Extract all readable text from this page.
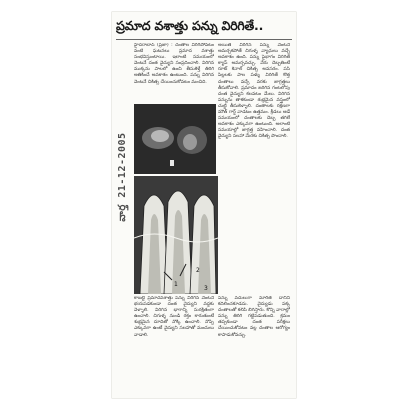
ప్రమాద వశాత్తు పన్ను విరిగితే..
వార్త 21-12-2005
హైదరాబాద్ (ప్రజా) : దంతాల విరిగిపోవటం వంటి ఘటనలు ప్రమాద వశాత్తు సంభవిస్తుంటాయి. ఇలాంటి సమయంలో వెంటనే దంత వైద్యుని సంప్రదించాలి. విరిగిన ముక్కను పాలలో ఉంచి తీసుకెళ్తే తిరిగి అతికించే అవకాశం ఉంటుంది. పన్ను విరిగిన వెంటనే చికిత్స చేయించుకోవటం మంచిది.
అయితే విరిగిన పన్ను వెంటనే అమర్చకపోతే చిగుళ్ళ వ్యాధులు వచ్చే అవకాశం ఉంది. పన్ను పైభాగం విరిగితే క్యాప్ అమర్చవచ్చు. వేరు దెబ్బతింటే రూట్ కెనాల్ చికిత్స అవసరం. పసి పిల్లలకు పాల పళ్ళు విరిగితే కొత్త దంతాలు వచ్చే వరకు జాగ్రత్తలు తీసుకోవాలి. ప్రమాదం జరిగిన గంటలోపు దంత వైద్యుని కలవటం మేలు. విరిగిన పన్నును తాకకుండా శుభ్రమైన వస్త్రంలో చుట్టి తీసుకెళ్ళాలి. దంతాలకు రక్షణగా మౌత్ గార్డ్ వాడటం ఉత్తమం. క్రీడలు ఆడే సమయంలో దంతాలకు దెబ్బ తగిలే అవకాశం ఎక్కువగా ఉంటుంది. అలాంటి సమయాల్లో జాగ్రత్త వహించాలి. దంత వైద్యుని సలహా మేరకు చికిత్స పొందాలి.
1
2
3
కాబట్టి ప్రమాదవశాత్తు పన్ను విరిగిన వెంటనే భయపడకుండా దంత వైద్యుని వద్దకు వెళ్ళాలి. విరిగిన భాగాన్ని సురక్షితంగా ఉంచాలి. చిగుళ్ళ నుండి రక్తం కారుతుంటే శుభ్రమైన దూదితో నొక్కి ఉంచాలి. నొప్పి ఎక్కువగా ఉంటే వైద్యుని సలహాతో మందులు వాడాలి.
పన్ను వదులుగా మారితే దానిని కదిలించకూడదు. వైద్యుడు పక్క దంతాలతో కలిపి బిగిస్తారు. కొన్ని వారాల్లో పన్ను తిరిగి గట్టిపడుతుంది. క్రమం తప్పకుండా దంత పరీక్షలు చేయించుకోవటం వల్ల దంతాల ఆరోగ్యం కాపాడుకోవచ్చు.
